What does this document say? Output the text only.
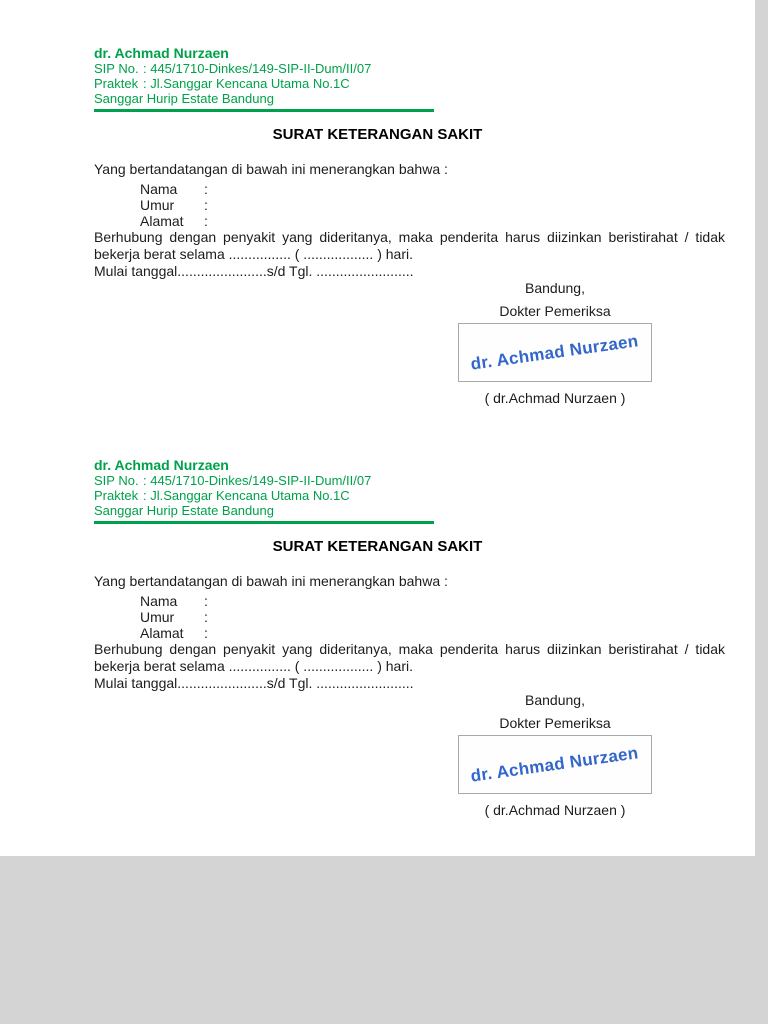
dr. Achmad Nurzaen
SIP No. : 445/1710-Dinkes/149-SIP-II-Dum/II/07
Praktek : Jl.Sanggar Kencana Utama No.1C
Sanggar Hurip Estate Bandung
SURAT KETERANGAN SAKIT

Yang bertandatangan di bawah ini menerangkan bahwa :

Nama :
Umur :
Alamat :

Berhubung dengan penyakit yang dideritanya, maka penderita harus diizinkan beristirahat / tidak bekerja berat selama ................ ( .................. ) hari.

Mulai tanggal.......................s/d Tgl. .........................

Bandung,
Dokter Pemeriksa
dr. Achmad Nurzaen
( dr.Achmad Nurzaen )
dr. Achmad Nurzaen
SIP No. : 445/1710-Dinkes/149-SIP-II-Dum/II/07
Praktek : Jl.Sanggar Kencana Utama No.1C
Sanggar Hurip Estate Bandung
SURAT KETERANGAN SAKIT

Yang bertandatangan di bawah ini menerangkan bahwa :

Nama :
Umur :
Alamat :

Berhubung dengan penyakit yang dideritanya, maka penderita harus diizinkan beristirahat / tidak bekerja berat selama ................ ( .................. ) hari.

Mulai tanggal.......................s/d Tgl. .........................

Bandung,
Dokter Pemeriksa
dr. Achmad Nurzaen
( dr.Achmad Nurzaen )
